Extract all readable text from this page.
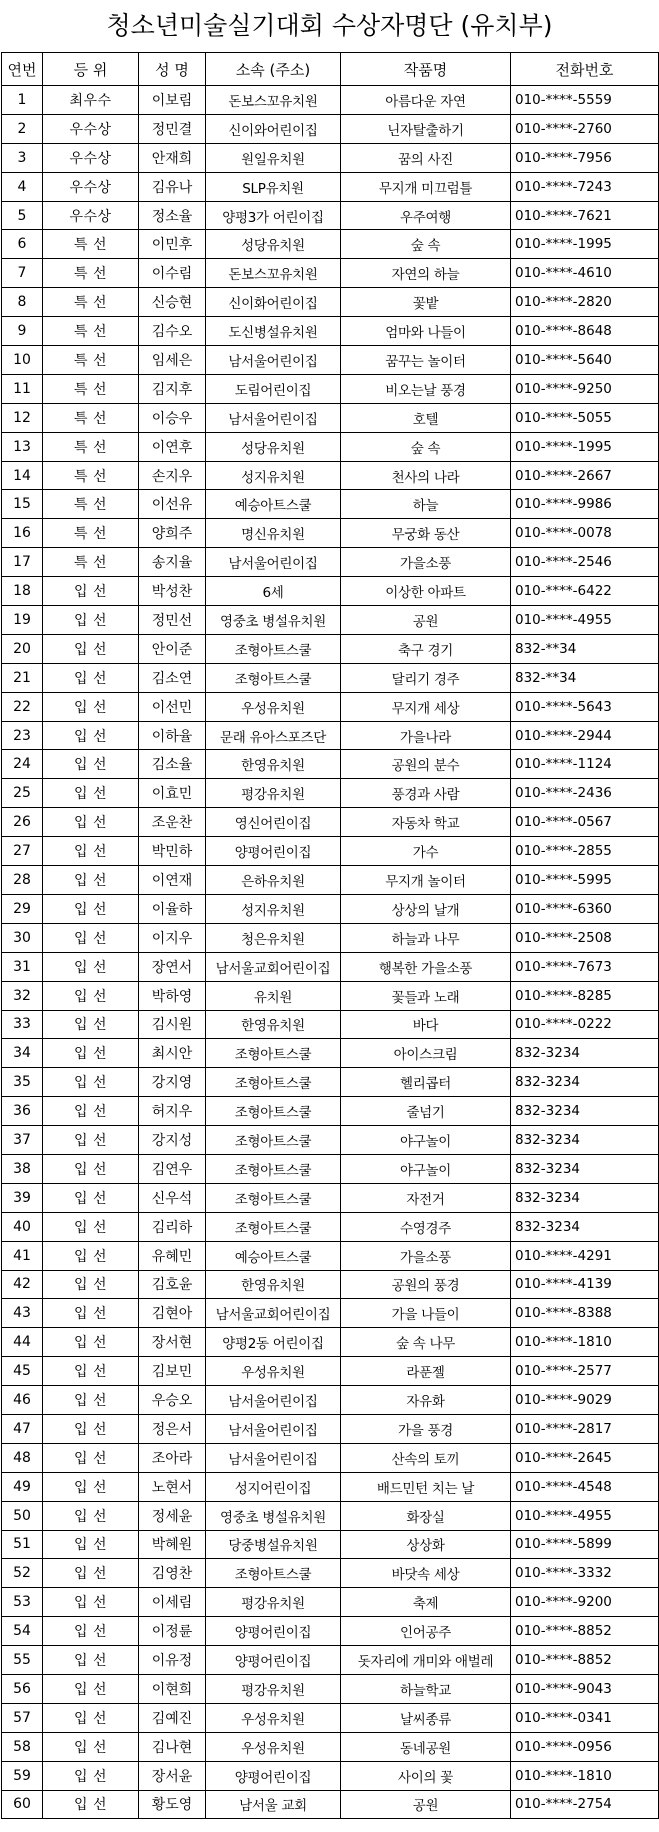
청소년미술실기대회 수상자명단 (유치부)
연번	등 위	성 명	소속 (주소)	작품명	전화번호
1	최우수	이보림	돈보스꼬유치원	아름다운 자연	010-****-5559
2	우수상	정민결	신이와어린이집	닌자탈출하기	010-****-2760
3	우수상	안재희	원일유치원	꿈의 사진	010-****-7956
4	우수상	김유나	SLP유치원	무지개 미끄럼틀	010-****-7243
5	우수상	정소율	양평3가 어린이집	우주여행	010-****-7621
6	특 선	이민후	성당유치원	숲 속	010-****-1995
7	특 선	이수림	돈보스꼬유치원	자연의 하늘	010-****-4610
8	특 선	신승현	신이화어린이집	꽃밭	010-****-2820
9	특 선	김수오	도신병설유치원	엄마와 나들이	010-****-8648
10	특 선	임세은	남서울어린이집	꿈꾸는 놀이터	010-****-5640
11	특 선	김지후	도림어린이집	비오는날 풍경	010-****-9250
12	특 선	이승우	남서울어린이집	호텔	010-****-5055
13	특 선	이연후	성당유치원	숲 속	010-****-1995
14	특 선	손지우	성지유치원	천사의 나라	010-****-2667
15	특 선	이선유	예승아트스쿨	하늘	010-****-9986
16	특 선	양희주	명신유치원	무궁화 동산	010-****-0078
17	특 선	송지율	남서울어린이집	가을소풍	010-****-2546
18	입 선	박성찬	6세	이상한 아파트	010-****-6422
19	입 선	정민선	영중초 병설유치원	공원	010-****-4955
20	입 선	안이준	조형아트스쿨	축구 경기	832-**34
21	입 선	김소연	조형아트스쿨	달리기 경주	832-**34
22	입 선	이선민	우성유치원	무지개 세상	010-****-5643
23	입 선	이하율	문래 유아스포즈단	가을나라	010-****-2944
24	입 선	김소율	한영유치원	공원의 분수	010-****-1124
25	입 선	이효민	평강유치원	풍경과 사람	010-****-2436
26	입 선	조운찬	영신어린이집	자동차 학교	010-****-0567
27	입 선	박민하	양평어린이집	가수	010-****-2855
28	입 선	이연재	은하유치원	무지개 놀이터	010-****-5995
29	입 선	이율하	성지유치원	상상의 날개	010-****-6360
30	입 선	이지우	청은유치원	하늘과 나무	010-****-2508
31	입 선	장연서	남서울교회어린이집	행복한 가을소풍	010-****-7673
32	입 선	박하영	유치원	꽃들과 노래	010-****-8285
33	입 선	김시원	한영유치원	바다	010-****-0222
34	입 선	최시안	조형아트스쿨	아이스크림	832-3234
35	입 선	강지영	조형아트스쿨	헬리콥터	832-3234
36	입 선	허지우	조형아트스쿨	줄넘기	832-3234
37	입 선	강지성	조형아트스쿨	야구놀이	832-3234
38	입 선	김연우	조형아트스쿨	야구놀이	832-3234
39	입 선	신우석	조형아트스쿨	자전거	832-3234
40	입 선	김리하	조형아트스쿨	수영경주	832-3234
41	입 선	유혜민	예승아트스쿨	가을소풍	010-****-4291
42	입 선	김호윤	한영유치원	공원의 풍경	010-****-4139
43	입 선	김현아	남서울교회어린이집	가을 나들이	010-****-8388
44	입 선	장서현	양평2동 어린이집	숲 속 나무	010-****-1810
45	입 선	김보민	우성유치원	라푼젤	010-****-2577
46	입 선	우승오	남서울어린이집	자유화	010-****-9029
47	입 선	정은서	남서울어린이집	가을 풍경	010-****-2817
48	입 선	조아라	남서울어린이집	산속의 토끼	010-****-2645
49	입 선	노현서	성지어린이집	배드민턴 치는 날	010-****-4548
50	입 선	정세윤	영중초 병설유치원	화장실	010-****-4955
51	입 선	박혜원	당중병설유치원	상상화	010-****-5899
52	입 선	김영찬	조형아트스쿨	바닷속 세상	010-****-3332
53	입 선	이세림	평강유치원	축제	010-****-9200
54	입 선	이정륜	양평어린이집	인어공주	010-****-8852
55	입 선	이유정	양평어린이집	돗자리에 개미와 애벌레	010-****-8852
56	입 선	이현희	평강유치원	하늘학교	010-****-9043
57	입 선	김예진	우성유치원	날씨종류	010-****-0341
58	입 선	김나현	우성유치원	동네공원	010-****-0956
59	입 선	장서윤	양평어린이집	사이의 꽃	010-****-1810
60	입 선	황도영	남서울 교회	공원	010-****-2754
